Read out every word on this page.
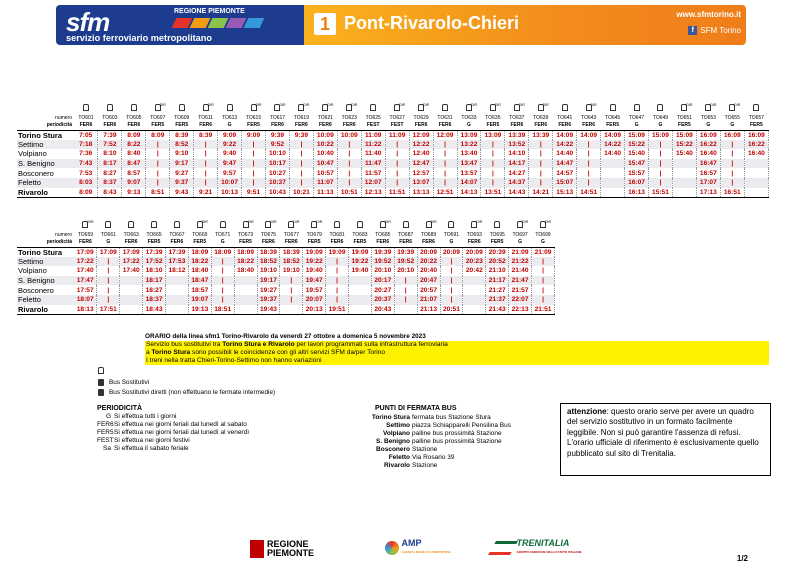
sfm	REGIONE PIEMONTE
servizio ferroviario metropolitano
1 Pont-Rivarolo-Chieri	www.sfmtorino.it
f SFM Torino

				DIR		DIR		DIR	DIR	DIR	DIR	DIR		DIR	DIR		DIR	DIR	DIR	DIR		DIR				DIR	DIR	DIR	

numero	TO601	TO603	TO605	TO607	TO609	TO611	TO613	TO615	TO617	TO619	TO621	TO623	TO625	TO627	TO629	TO631	TO633	TO635	TO637	TO639	TO641	TO643	TO645	TO647	TO649	TO651	TO653	TO655	TO657
periodicità	FER6	FER6	FER6	FER5	FER5	FER6	G	FER5	FER6	FER6	FER6	FER6	FEST	FEST	FER6	FER6	G	FER5	FER6	FER6	FER6	FER6	FER5	G	G	FER5	G	G	FER5
Torino Stura	7:05	7:39	8:09	8:09	8:39	8:39	9:09	9:09	9:39	9:39	10:09	10:09	11:09	11:09	12:09	12:09	13:09	13:09	13:39	13:39	14:09	14:09	14:09	15:09	15:09	15:09	16:09	16:09	16:09
Settimo	7:18	7:52	8:22	|	8:52	|	9:22	|	9:52	|	10:22	|	11:22	|	12:22	|	13:22	|	13:52	|	14:22	|	14:22	15:22	|	15:22	16:22	|	16:22
Volpiano	7:36	8:10	8:40	|	9:10	|	9:40	|	10:10	|	10:40	|	11:40	|	12:40	|	13:40	|	14:10	|	14:40	|	14:40	15:40	|	15:40	16:40	|	16:40
S. Benigno	7:43	8:17	8:47	|	9:17	|	9:47	|	10:17	|	10:47	|	11:47	|	12:47	|	13:47	|	14:17	|	14:47	|		15:47	|		16:47	|	
Bosconero	7:53	8:27	8:57	|	9:27	|	9:57	|	10:27	|	10:57	|	11:57	|	12:57	|	13:57	|	14:27	|	14:57	|		15:57	|		16:57	|	
Feletto	8:03	8:37	9:07	|	9:37	|	10:07	|	10:37	|	11:07	|	12:07	|	13:07	|	14:07	|	14:37	|	15:07	|		16:07	|		17:07	|	
Rivarolo	8:09	8:43	9:13	8:51	9:43	9:21	10:13	9:51	10:43	10:21	11:13	10:51	12:13	11:51	13:13	12:51	14:13	13:51	14:43	14:21	15:13	14:51		16:13	15:51		17:13	16:51	

	DIR					DIR		DIR	DIR	DIR	DIR			DIR		DIR		DIR		DIR	DIR

numero	TO659	TO661	TO663	TO665	TO667	TO669	TO671	TO673	TO675	TO677	TO679	TO681	TO683	TO685	TO687	TO689	TO691	TO693	TO695	TO697	TO699
periodicità	FER6	G	FER6	FER5	FER6	FER5	G	FER5	FER6	FER6	FER5	FER6	FER5	FER6	FER6	FER6	G	FER6	FER5	G	G
Torino Stura	17:09	17:09	17:09	17:39	17:39	18:09	18:09	18:09	18:39	18:39	19:09	19:09	19:09	19:39	19:39	20:09	20:09	20:09	20:39	21:09	21:09
Settimo	17:22	|	17:22	17:52	17:53	18:22	|	18:22	18:52	18:52	19:22	|	19:22	19:52	19:52	20:22	|	20:23	20:52	21:22	|
Volpiano	17:40	|	17:40	18:10	18:12	18:40	|	18:40	19:10	19:10	19:40	|	19:40	20:10	20:10	20:40	|	20:42	21:10	21:40	|
S. Benigno	17:47	|		18:17		18:47	|		19:17	|	19:47	|		20:17	|	20:47	|		21:17	21:47	|
Bosconero	17:57	|		18:27		18:57	|		19:27	|	19:57	|		20:27	|	20:57	|		21:27	21:57	|
Feletto	18:07	|		18:37		19:07	|		19:37	|	20:07	|		20:37	|	21:07	|		21:37	22:07	|
Rivarolo	18:13	17:51		18:43		19:13	18:51		19:43		20:13	19:51		20:43		21:13	20:51		21:43	22:13	21:51
ORARIO della linea sfm1 Torino-Rivarolo da venerdì 27 ottobre a domenica 5 novembre 2023
Servizio bus sostitutivi tra Torino Stura e Rivarolo per lavori programmati sulla infrastruttura ferroviaria
a Torino Stura sono possibili le coincidenze con gli altri servizi SFM da/per Torino
I treni nella tratta Chieri-Torino-Settimo non hanno variazioni
Bus Sostitutivi
Bus Sostitutivi diretti (non effettuano le fermate intermedie)
PERIODICITÀ
G Si effettua tutti i giorni
FER6 Si effettua nei giorni feriali dal lunedì al sabato
FER5 Si effettua nei giorni feriali dal lunedì al venerdì
FEST Si effettua nei giorni festivi
Sa Si effettua il sabato feriale
PUNTI DI FERMATA BUS
Torino Stura fermata bus Stazione Stura
Settimo piazza Schiapparelli Pensilina Bus
Volpiano palline bus prossimità Stazione
S. Benigno palline bus prossimità Stazione
Bosconero Stazione
Feletto Via Rosario 39
Rivarolo Stazione
attenzione: questo orario serve per avere un quadro del servizio sostitutivo in un formato facilmente leggibile. Non si può garantire l'assenza di refusi. L'orario ufficiale di riferimento è esclusivamente quello pubblicato sul sito di Trenitalia.
REGIONE
PIEMONTE
AMP
AGENZIA MOBILITÀ PIEMONTESE
TRENITALIA
GRUPPO FERROVIE DELLO STATO ITALIANE
1/2
